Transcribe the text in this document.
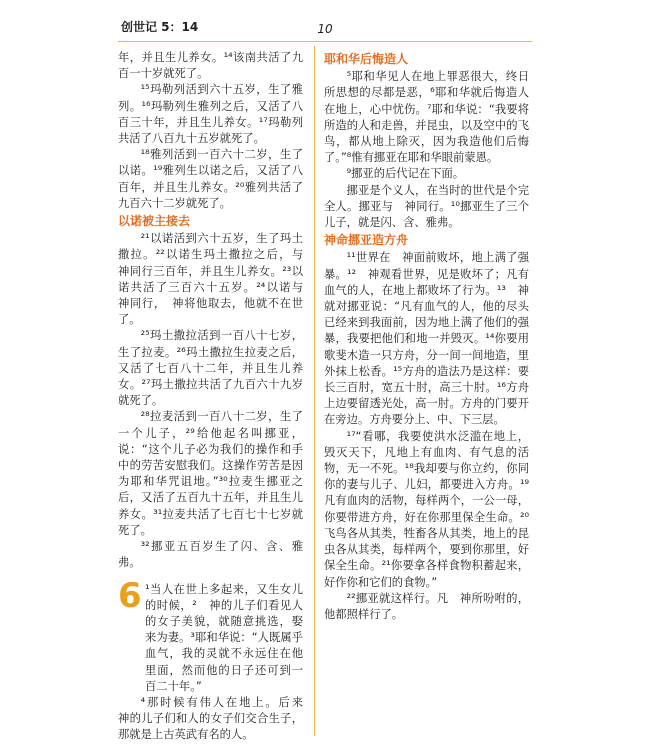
创世记 5：14	10

年，并且生儿养女。¹⁴该南共活了九百一十岁就死了。

¹⁵玛勒列活到六十五岁，生了雅列。¹⁶玛勒列生雅列之后，又活了八百三十年，并且生儿养女。¹⁷玛勒列共活了八百九十五岁就死了。

¹⁸雅列活到一百六十二岁，生了以诺。¹⁹雅列生以诺之后，又活了八百年，并且生儿养女。²⁰雅列共活了九百六十二岁就死了。

以诺被主接去

²¹以诺活到六十五岁，生了玛土撒拉。²²以诺生玛土撒拉之后，与　神同行三百年，并且生儿养女。²³以诺共活了三百六十五岁。²⁴以诺与　神同行，　神将他取去，他就不在世了。

²⁵玛土撒拉活到一百八十七岁，生了拉麦。²⁶玛土撒拉生拉麦之后，又活了七百八十二年，并且生儿养女。²⁷玛土撒拉共活了九百六十九岁就死了。

²⁸拉麦活到一百八十二岁，生了一个儿子，²⁹给他起名叫挪亚，说：“这个儿子必为我们的操作和手中的劳苦安慰我们。这操作劳苦是因为耶和华咒诅地。”³⁰拉麦生挪亚之后，又活了五百九十五年，并且生儿养女。³¹拉麦共活了七百七十七岁就死了。

³²挪亚五百岁生了闪、含、雅弗。

6 ¹当人在世上多起来，又生女儿的时候，²　神的儿子们看见人的女子美貌，就随意挑选，娶来为妻。³耶和华说：“人既属乎血气，我的灵就不永远住在他里面，然而他的日子还可到一百二十年。”

⁴那时候有伟人在地上。后来　神的儿子们和人的女子们交合生子，那就是上古英武有名的人。

耶和华后悔造人

⁵耶和华见人在地上罪恶很大，终日所思想的尽都是恶，⁶耶和华就后悔造人在地上，心中忧伤。⁷耶和华说：“我要将所造的人和走兽，并昆虫，以及空中的飞鸟，都从地上除灭，因为我造他们后悔了。”⁸惟有挪亚在耶和华眼前蒙恩。

⁹挪亚的后代记在下面。

挪亚是个义人，在当时的世代是个完全人。挪亚与　神同行。¹⁰挪亚生了三个儿子，就是闪、含、雅弗。

神命挪亚造方舟

¹¹世界在　神面前败坏，地上满了强暴。¹²　神观看世界，见是败坏了；凡有血气的人，在地上都败坏了行为。¹³　神就对挪亚说：“凡有血气的人，他的尽头已经来到我面前，因为地上满了他们的强暴，我要把他们和地一并毁灭。¹⁴你要用歌斐木造一只方舟，分一间一间地造，里外抹上松香。¹⁵方舟的造法乃是这样：要长三百肘，宽五十肘，高三十肘。¹⁶方舟上边要留透光处，高一肘。方舟的门要开在旁边。方舟要分上、中、下三层。

¹⁷“看哪，我要使洪水泛滥在地上，毁灭天下，凡地上有血肉、有气息的活物，无一不死。¹⁸我却要与你立约，你同你的妻与儿子、儿妇，都要进入方舟。¹⁹凡有血肉的活物，每样两个，一公一母，你要带进方舟，好在你那里保全生命。²⁰飞鸟各从其类，牲畜各从其类，地上的昆虫各从其类，每样两个，要到你那里，好保全生命。²¹你要拿各样食物积蓄起来，好作你和它们的食物。”

²²挪亚就这样行。凡　神所吩咐的，他都照样行了。
